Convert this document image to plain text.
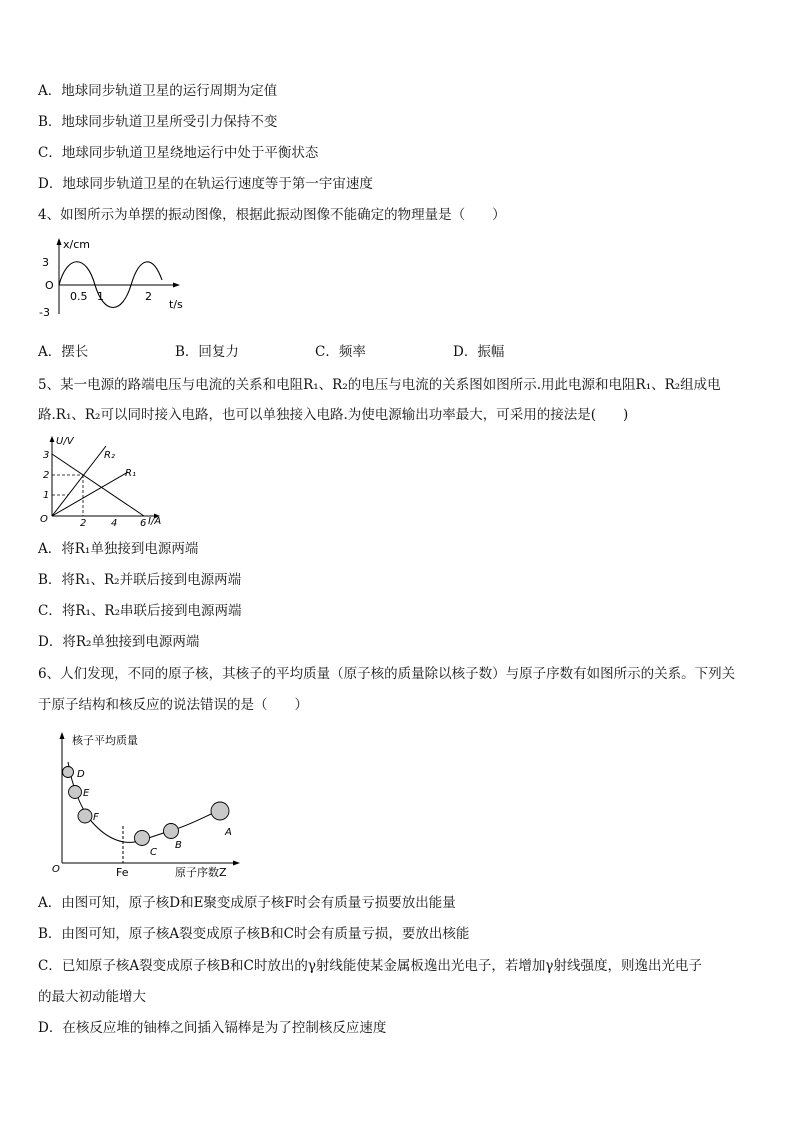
A．地球同步轨道卫星的运行周期为定值
B．地球同步轨道卫星所受引力保持不变
C．地球同步轨道卫星绕地运行中处于平衡状态
D．地球同步轨道卫星的在轨运行速度等于第一宇宙速度
4、如图所示为单摆的振动图像，根据此振动图像不能确定的物理量是（　　）
x/cm
3
O
-3
0.5 1	2
t/s
A．摆长	B．回复力	C．频率	D．振幅
5、某一电源的路端电压与电流的关系和电阻R₁、R₂的电压与电流的关系图如图所示.用此电源和电阻R₁、R₂组成电
路.R₁、R₂可以同时接入电路，也可以单独接入电路.为使电源输出功率最大，可采用的接法是(　　)
U/V
3
2
1
O	2 4 6 I/A
R₂
R₁
A．将R₁单独接到电源两端
B．将R₁、R₂并联后接到电源两端
C．将R₁、R₂串联后接到电源两端
D．将R₂单独接到电源两端
6、人们发现，不同的原子核，其核子的平均质量（原子核的质量除以核子数）与原子序数有如图所示的关系。下列关
于原子结构和核反应的说法错误的是（　　）
核子平均质量
D
E
F
C
B
A
O	Fe	原子序数Z
A．由图可知，原子核D和E聚变成原子核F时会有质量亏损要放出能量
B．由图可知，原子核A裂变成原子核B和C时会有质量亏损，要放出核能
C．已知原子核A裂变成原子核B和C时放出的γ射线能使某金属板逸出光电子，若增加γ射线强度，则逸出光电子
的最大初动能增大
D．在核反应堆的铀棒之间插入镉棒是为了控制核反应速度
